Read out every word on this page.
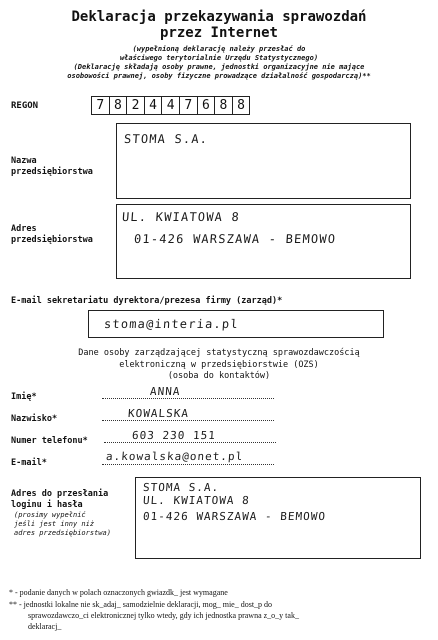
Deklaracja przekazywania sprawozdań
przez Internet
(wypełnioną deklarację należy przesłać do
właściwego terytorialnie Urzędu Statystycznego)
(Deklarację składają osoby prawne, jednostki organizacyjne nie mające
osobowości prawnej, osoby fizyczne prowadzące działalność gospodarczą)**
REGON	7 8 2 4 4 7 6 8 8
Nazwa
przedsiębiorstwa
STOMA S.A.
Adres
przedsiębiorstwa
UL. KWIATOWA 8
01-426 WARSZAWA - BEMOWO
E-mail sekretariatu dyrektora/prezesa firmy (zarząd)*
stoma@interia.pl
Dane osoby zarządzającej statystyczną sprawozdawczością
elektroniczną w przedsiębiorstwie (OZS)
(osoba do kontaktów)
Imię*	ANNA
Nazwisko*	KOWALSKA
Numer telefonu*	603 230 151
E-mail*	a.kowalska@onet.pl
Adres do przesłania
loginu i hasła
(prosimy wypełnić
jeśli jest inny niż
adres przedsiębiorstwa)
STOMA S.A.
UL. KWIATOWA 8
01-426 WARSZAWA - BEMOWO
* - podanie danych w polach oznaczonych gwiazdk_ jest wymagane
** - jednostki lokalne nie sk_adaj_ samodzielnie deklaracji, mog_ mie_ dost_p do
sprawozdawczo_ci elektronicznej tylko wtedy, gdy ich jednostka prawna z_o_y tak_
deklaracj_
